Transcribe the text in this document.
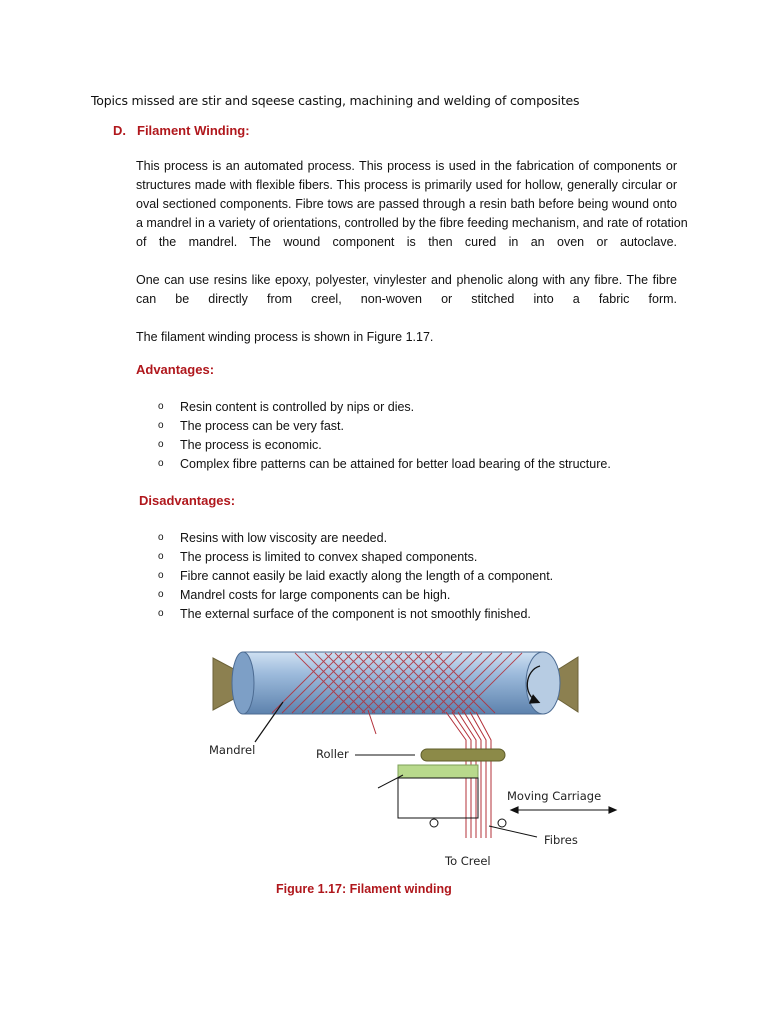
Topics missed are stir and sqeese casting, machining and welding of composites
D. Filament Winding:
This process is an automated process. This process is used in the fabrication of components or
structures made with flexible fibers. This process is primarily used for hollow, generally circular or
oval sectioned components. Fibre tows are passed through a resin bath before being wound onto
a mandrel in a variety of orientations, controlled by the fibre feeding mechanism, and rate of rotation
of the mandrel. The wound component is then cured in an oven or autoclave.
One can use resins like epoxy, polyester, vinylester and phenolic along with any fibre. The fibre
can be directly from creel, non-woven or stitched into a fabric form.
The filament winding process is shown in Figure 1.17.
Advantages:
o Resin content is controlled by nips or dies.
o The process can be very fast.
o The process is economic.
o Complex fibre patterns can be attained for better load bearing of the structure.
Disadvantages:
o Resins with low viscosity are needed.
o The process is limited to convex shaped components.
o Fibre cannot easily be laid exactly along the length of a component.
o Mandrel costs for large components can be high.
o The external surface of the component is not smoothly finished.
Mandrel	Roller
Moving Carriage
Fibres
To Creel
Figure 1.17: Filament winding
